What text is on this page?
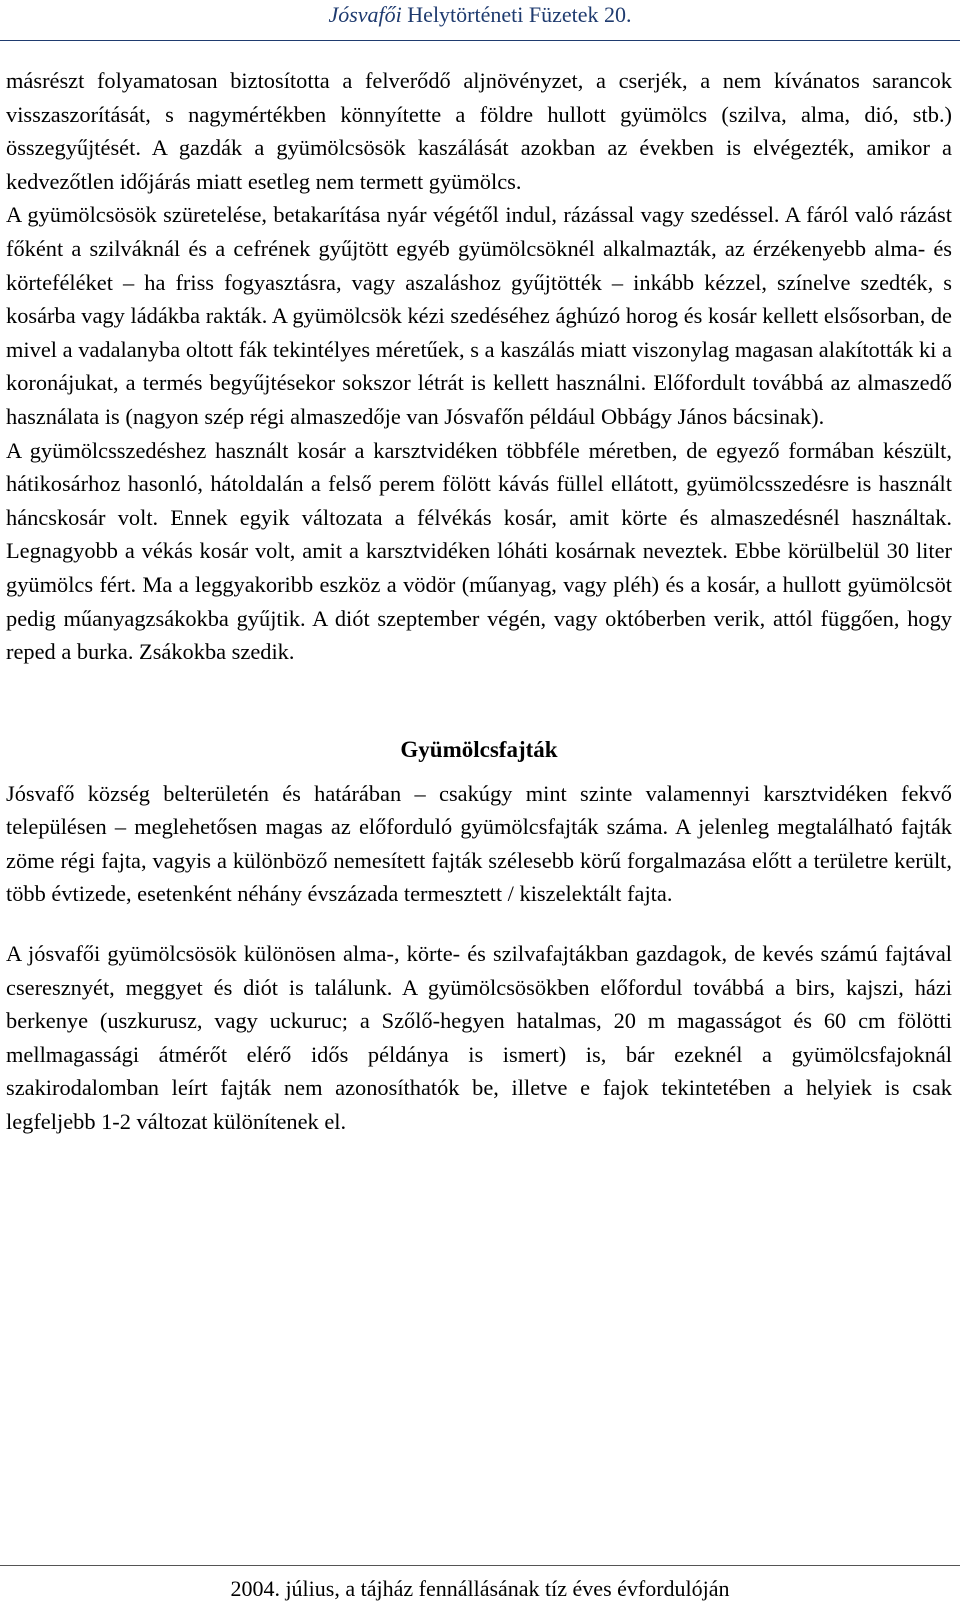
Jósvafői Helytörténeti Füzetek 20.

másrészt folyamatosan biztosította a felverődő aljnövényzet, a cserjék, a nem kívánatos sarancok visszaszorítását, s nagymértékben könnyítette a földre hullott gyümölcs (szilva, alma, dió, stb.) összegyűjtését. A gazdák a gyümölcsösök kaszálását azokban az években is elvégezték, amikor a kedvezőtlen időjárás miatt esetleg nem termett gyümölcs.

A gyümölcsösök szüretelése, betakarítása nyár végétől indul, rázással vagy szedéssel. A fáról való rázást főként a szilváknál és a cefrének gyűjtött egyéb gyümölcsöknél alkalmazták, az érzékenyebb alma- és körteféléket – ha friss fogyasztásra, vagy aszaláshoz gyűjtötték – inkább kézzel, színelve szedték, s kosárba vagy ládákba rakták. A gyümölcsök kézi szedéséhez ághúzó horog és kosár kellett elsősorban, de mivel a vadalanyba oltott fák tekintélyes méretűek, s a kaszálás miatt viszonylag magasan alakították ki a koronájukat, a termés begyűjtésekor sokszor létrát is kellett használni. Előfordult továbbá az almaszedő használata is (nagyon szép régi almaszedője van Jósvafőn például Obbágy János bácsinak).

A gyümölcsszedéshez használt kosár a karsztvidéken többféle méretben, de egyező formában készült, hátikosárhoz hasonló, hátoldalán a felső perem fölött kávás füllel ellátott, gyümölcsszedésre is használt háncskosár volt. Ennek egyik változata a félvékás kosár, amit körte és almaszedésnél használtak. Legnagyobb a vékás kosár volt, amit a karsztvidéken lóháti kosárnak neveztek. Ebbe körülbelül 30 liter gyümölcs fért. Ma a leggyakoribb eszköz a vödör (műanyag, vagy pléh) és a kosár, a hullott gyümölcsöt pedig műanyagzsákokba gyűjtik. A diót szeptember végén, vagy októberben verik, attól függően, hogy reped a burka. Zsákokba szedik.

Gyümölcsfajták

Jósvafő község belterületén és határában – csakúgy mint szinte valamennyi karsztvidéken fekvő településen – meglehetősen magas az előforduló gyümölcsfajták száma. A jelenleg megtalálható fajták zöme régi fajta, vagyis a különböző nemesített fajták szélesebb körű forgalmazása előtt a területre került, több évtizede, esetenként néhány évszázada termesztett / kiszelektált fajta.

A jósvafői gyümölcsösök különösen alma-, körte- és szilvafajtákban gazdagok, de kevés számú fajtával cseresznyét, meggyet és diót is találunk. A gyümölcsösökben előfordul továbbá a birs, kajszi, házi berkenye (uszkurusz, vagy uckuruc; a Szőlő-hegyen hatalmas, 20 m magasságot és 60 cm fölötti mellmagassági átmérőt elérő idős példánya is ismert) is, bár ezeknél a gyümölcsfajoknál szakirodalomban leírt fajták nem azonosíthatók be, illetve e fajok tekintetében a helyiek is csak legfeljebb 1-2 változat különítenek el.

2004. július, a tájház fennállásának tíz éves évfordulóján
